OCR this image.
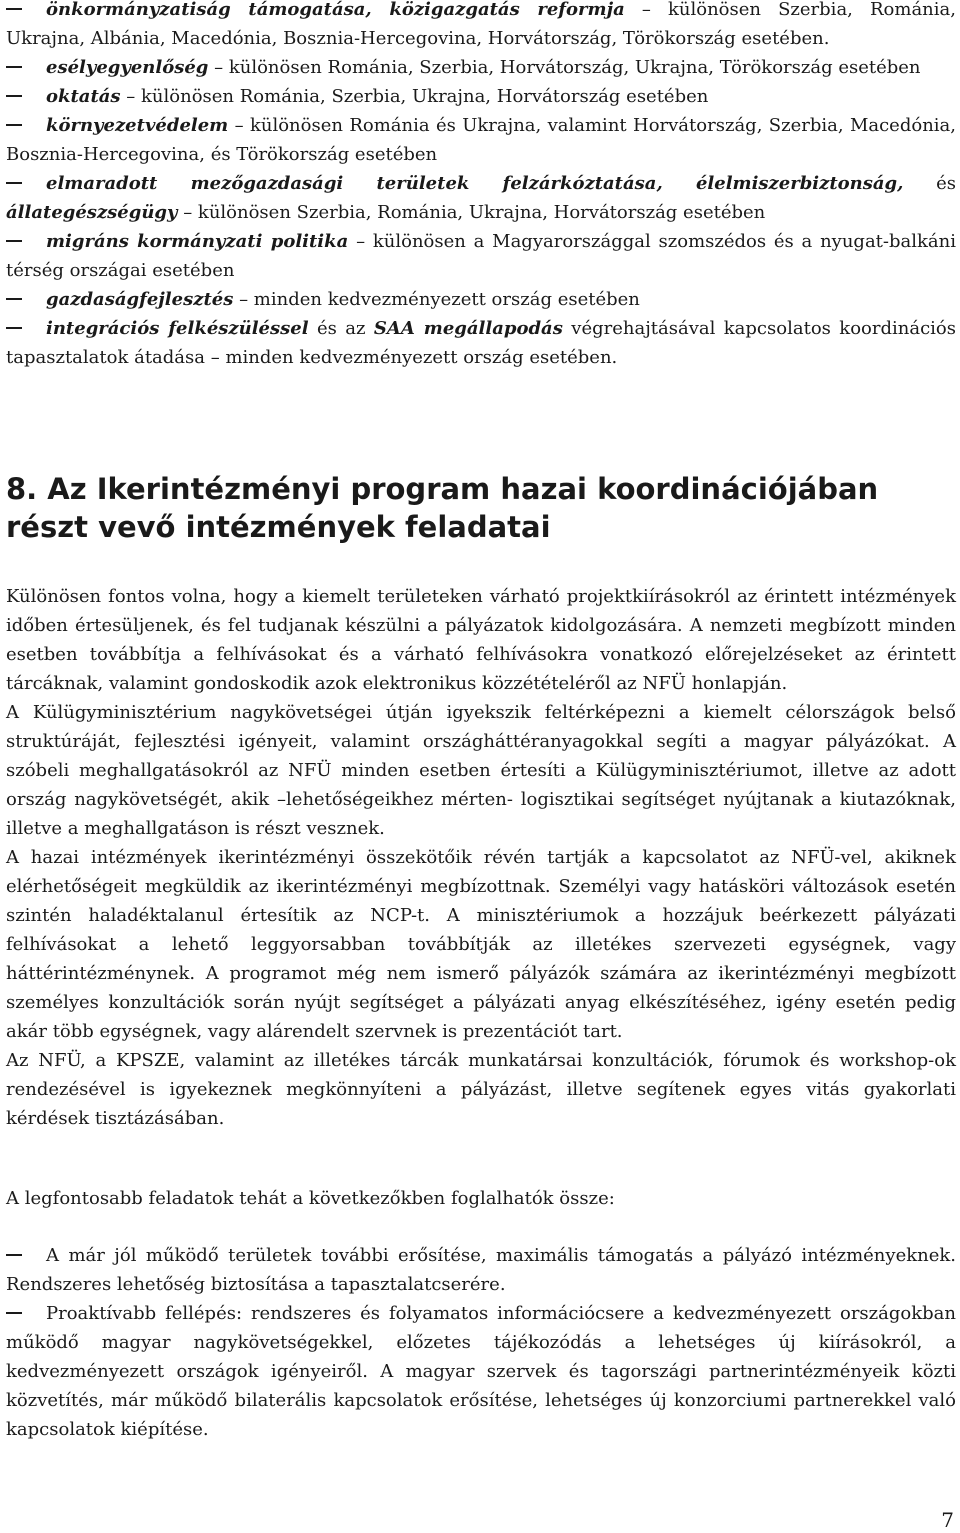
önkormányzatiság támogatása, közigazgatás reformja – különösen Szerbia, Románia, Ukrajna, Albánia, Macedónia, Bosznia-Hercegovina, Horvátország, Törökország esetében.

esélyegyenlőség – különösen Románia, Szerbia, Horvátország, Ukrajna, Törökország esetében

oktatás – különösen Románia, Szerbia, Ukrajna, Horvátország esetében

környezetvédelem – különösen Románia és Ukrajna, valamint Horvátország, Szerbia, Macedónia, Bosznia-Hercegovina, és Törökország esetében

elmaradott mezőgazdasági területek felzárkóztatása, élelmiszerbiztonság, és állategészségügy – különösen Szerbia, Románia, Ukrajna, Horvátország esetében

migráns kormányzati politika – különösen a Magyarországgal szomszédos és a nyugat-balkáni térség országai esetében

gazdaságfejlesztés – minden kedvezményezett ország esetében

integrációs felkészüléssel és az SAA megállapodás végrehajtásával kapcsolatos koordinációs tapasztalatok átadása – minden kedvezményezett ország esetében.

8. Az Ikerintézményi program hazai koordinációjában részt vevő intézmények feladatai

Különösen fontos volna, hogy a kiemelt területeken várható projektkiírásokról az érintett intézmények időben értesüljenek, és fel tudjanak készülni a pályázatok kidolgozására. A nemzeti megbízott minden esetben továbbítja a felhívásokat és a várható felhívásokra vonatkozó előrejelzéseket az érintett tárcáknak, valamint gondoskodik azok elektronikus közzétételéről az NFÜ honlapján.

A Külügyminisztérium nagykövetségei útján igyekszik feltérképezni a kiemelt célországok belső struktúráját, fejlesztési igényeit, valamint országháttéranyagokkal segíti a magyar pályázókat. A szóbeli meghallgatásokról az NFÜ minden esetben értesíti a Külügyminisztériumot, illetve az adott ország nagykövetségét, akik –lehetőségeikhez mérten- logisztikai segítséget nyújtanak a kiutazóknak, illetve a meghallgatáson is részt vesznek.

A hazai intézmények ikerintézményi összekötőik révén tartják a kapcsolatot az NFÜ-vel, akiknek elérhetőségeit megküldik az ikerintézményi megbízottnak. Személyi vagy hatásköri változások esetén szintén haladéktalanul értesítik az NCP-t. A minisztériumok a hozzájuk beérkezett pályázati felhívásokat a lehető leggyorsabban továbbítják az illetékes szervezeti egységnek, vagy háttérintézménynek. A programot még nem ismerő pályázók számára az ikerintézményi megbízott személyes konzultációk során nyújt segítséget a pályázati anyag elkészítéséhez, igény esetén pedig akár több egységnek, vagy alárendelt szervnek is prezentációt tart.

Az NFÜ, a KPSZE, valamint az illetékes tárcák munkatársai konzultációk, fórumok és workshop-ok rendezésével is igyekeznek megkönnyíteni a pályázást, illetve segítenek egyes vitás gyakorlati kérdések tisztázásában.

A legfontosabb feladatok tehát a következőkben foglalhatók össze:

A már jól működő területek további erősítése, maximális támogatás a pályázó intézményeknek. Rendszeres lehetőség biztosítása a tapasztalatcserére.

Proaktívabb fellépés: rendszeres és folyamatos információcsere a kedvezményezett országokban működő magyar nagykövetségekkel, előzetes tájékozódás a lehetséges új kiírásokról, a kedvezményezett országok igényeiről. A magyar szervek és tagországi partnerintézményeik közti közvetítés, már működő bilaterális kapcsolatok erősítése, lehetséges új konzorciumi partnerekkel való kapcsolatok kiépítése.

7
